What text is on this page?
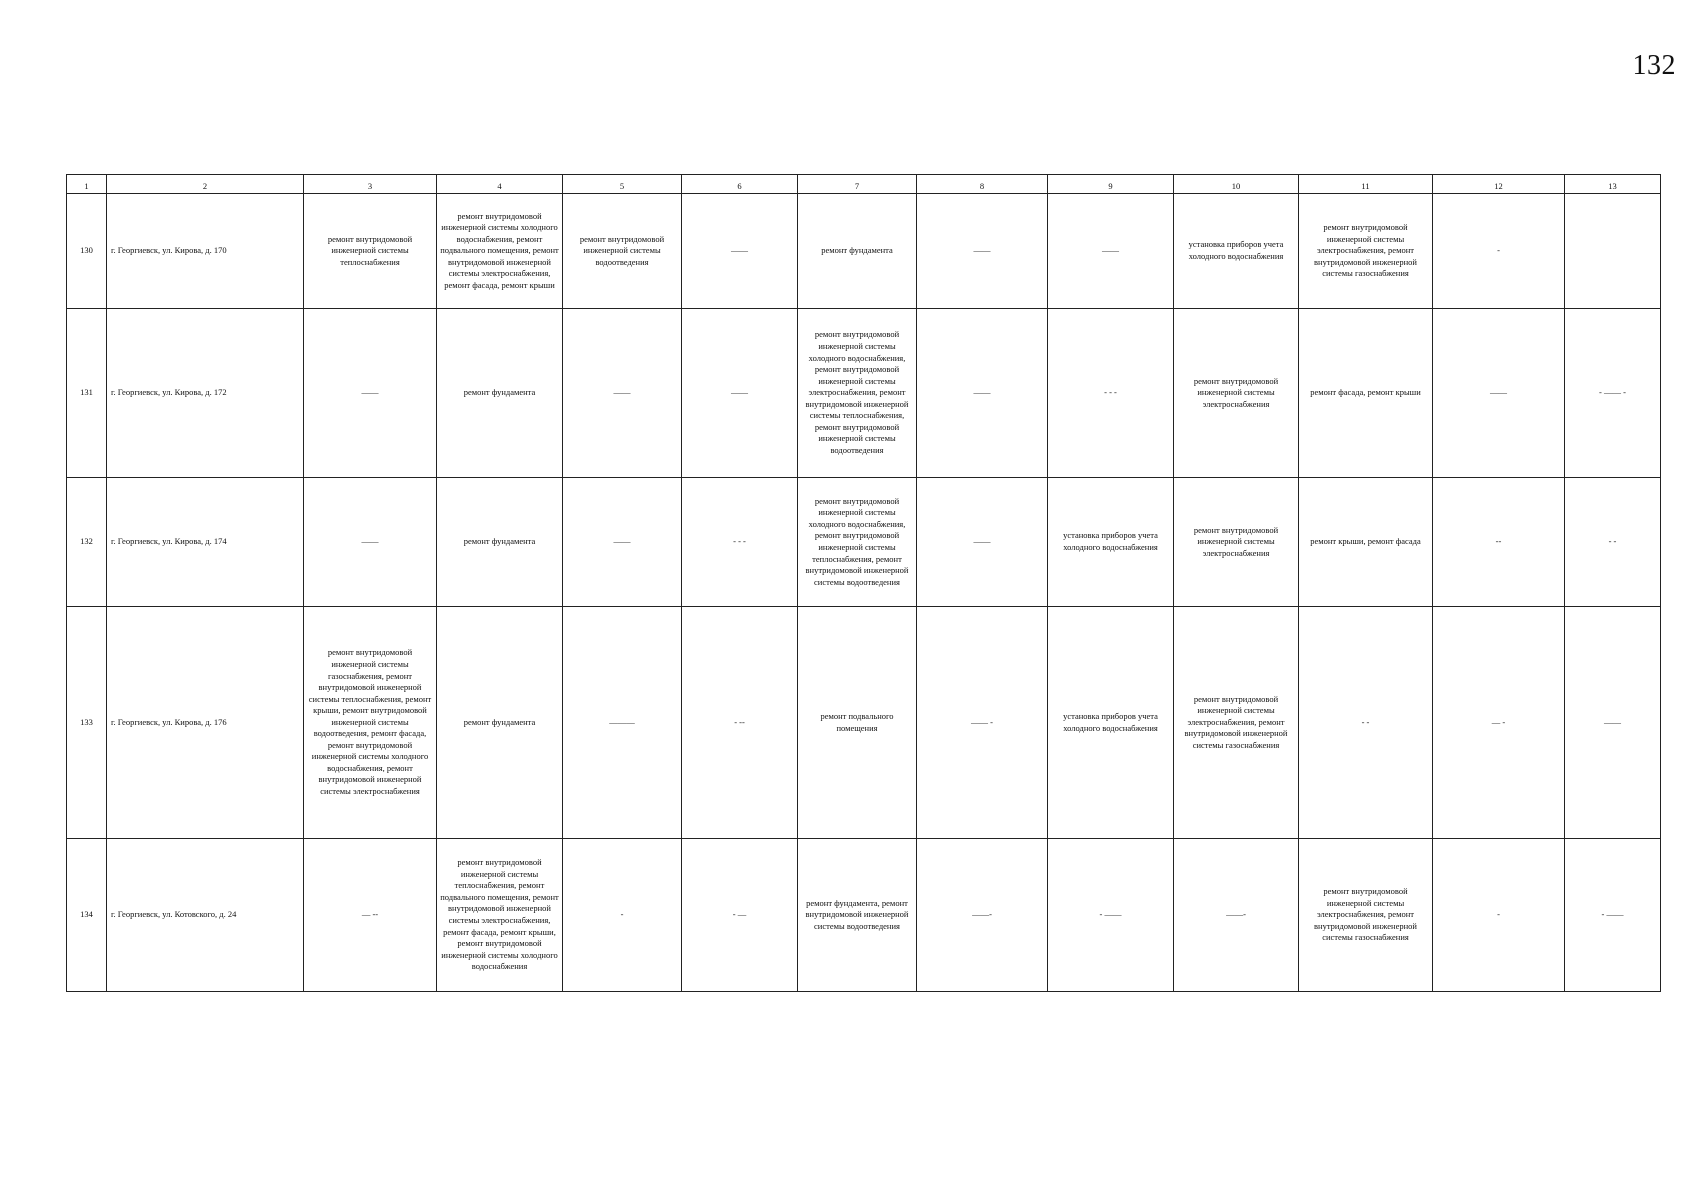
132
1	2	3	4	5	6	7	8	9	10	11	12	13
130	г. Георгиевск, ул. Кирова, д. 170	ремонт внутридомовой инженерной системы теплоснабжения	ремонт внутридомовой инженерной системы холодного водоснабжения, ремонт подвального помещения, ремонт внутридомовой инженерной системы электроснабжения, ремонт фасада, ремонт крыши	ремонт внутридомовой инженерной системы водоотведения	——	ремонт фундамента	——	——	установка приборов учета холодного водоснабжения	ремонт внутридомовой инженерной системы электроснабжения, ремонт внутридомовой инженерной системы газоснабжения	-	
131	г. Георгиевск, ул. Кирова, д. 172	——	ремонт фундамента	——	——	ремонт внутридомовой инженерной системы холодного водоснабжения, ремонт внутридомовой инженерной системы электроснабжения, ремонт внутридомовой инженерной системы теплоснабжения, ремонт внутридомовой инженерной системы водоотведения	——	- - -	ремонт внутридомовой инженерной системы электроснабжения	ремонт фасада, ремонт крыши	——	- —— -
132	г. Георгиевск, ул. Кирова, д. 174	——	ремонт фундамента	——	- - -	ремонт внутридомовой инженерной системы холодного водоснабжения, ремонт внутридомовой инженерной системы теплоснабжения, ремонт внутридомовой инженерной системы водоотведения	——	установка приборов учета холодного водоснабжения	ремонт внутридомовой инженерной системы электроснабжения	ремонт крыши, ремонт фасада	--	- -
133	г. Георгиевск, ул. Кирова, д. 176	ремонт внутридомовой инженерной системы газоснабжения, ремонт внутридомовой инженерной системы теплоснабжения, ремонт крыши, ремонт внутридомовой инженерной системы водоотведения, ремонт фасада, ремонт внутридомовой инженерной системы холодного водоснабжения, ремонт внутридомовой инженерной системы электроснабжения	ремонт фундамента	———	- --	ремонт подвального помещения	—— -	установка приборов учета холодного водоснабжения	ремонт внутридомовой инженерной системы электроснабжения, ремонт внутридомовой инженерной системы газоснабжения	- -	— -	——
134	г. Георгиевск, ул. Котовского, д. 24	— --	ремонт внутридомовой инженерной системы теплоснабжения, ремонт подвального помещения, ремонт внутридомовой инженерной системы электроснабжения, ремонт фасада, ремонт крыши, ремонт внутридомовой инженерной системы холодного водоснабжения	-	- —	ремонт фундамента, ремонт внутридомовой инженерной системы водоотведения	——-	- ——	——-	ремонт внутридомовой инженерной системы электроснабжения, ремонт внутридомовой инженерной системы газоснабжения	-	- ——
